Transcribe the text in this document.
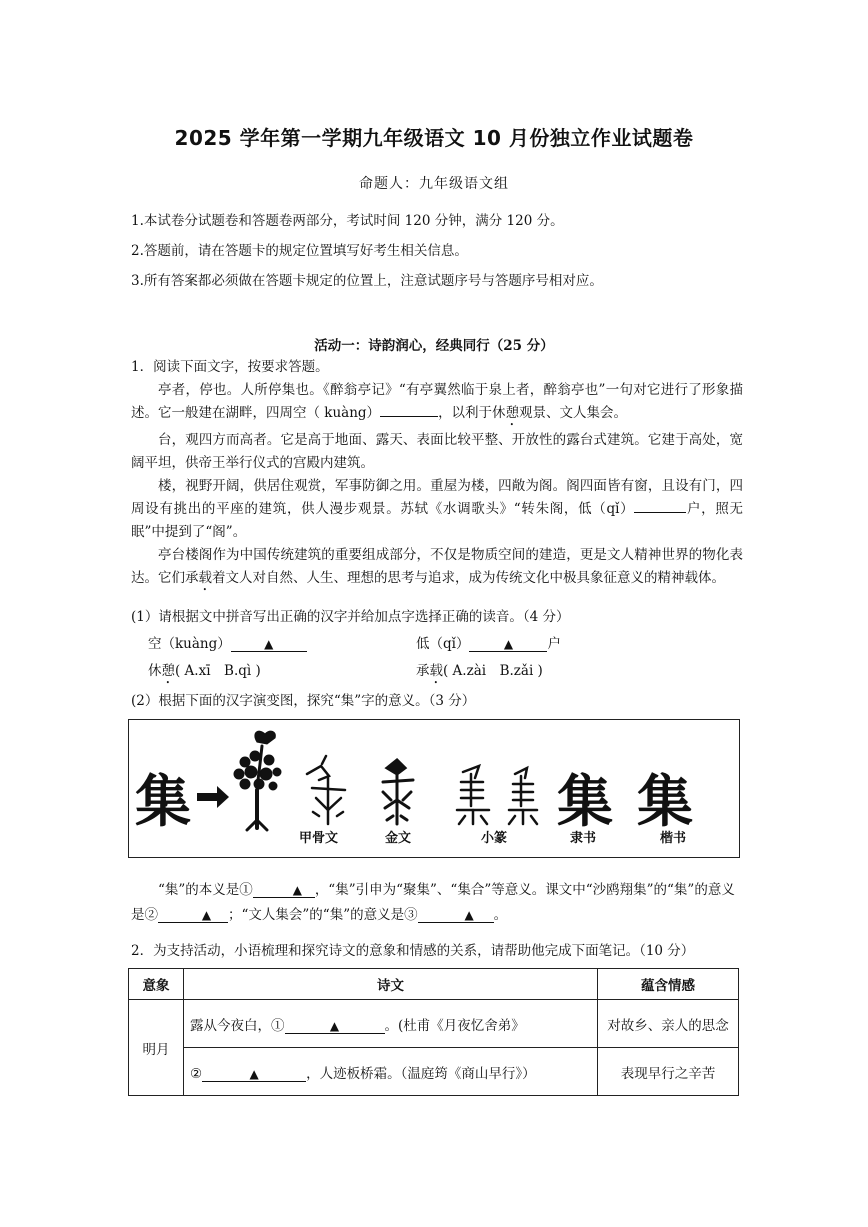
2025 学年第一学期九年级语文 10 月份独立作业试题卷
命题人：九年级语文组
1.本试卷分试题卷和答题卷两部分，考试时间 120 分钟，满分 120 分。
2.答题前，请在答题卡的规定位置填写好考生相关信息。
3.所有答案都必须做在答题卡规定的位置上，注意试题序号与答题序号相对应。
活动一：诗韵润心，经典同行（25 分）

1．阅读下面文字，按要求答题。

亭者，停也。人所停集也。《醉翁亭记》“有亭翼然临于泉上者，醉翁亭也”一句对它进行了形象描述。它一般建在湖畔，四周空（ kuàng）	，以利于休憩观景、文人集会。

台，观四方而高者。它是高于地面、露天、表面比较平整、开放性的露台式建筑。它建于高处，宽阔平坦，供帝王举行仪式的宫殿内建筑。

楼，视野开阔，供居住观赏，军事防御之用。重屋为楼，四敞为阁。阁四面皆有窗，且设有门，四周设有挑出的平座的建筑，供人漫步观景。苏轼《水调歌头》“转朱阁，低（qǐ）	户，照无眠”中提到了“阁”。

亭台楼阁作为中国传统建筑的重要组成部分，不仅是物质空间的建造，更是文人精神世界的物化表达。它们承载着文人对自然、人生、理想的思考与追求，成为传统文化中极具象征意义的精神载体。

(1）请根据文中拼音写出正确的汉字并给加点字选择正确的读音。（4 分）
空（kuàng）	▲	低（qǐ）	▲	户
休憩( A.xī　B.qì )	承载( A.zài　B.zǎi )
(2）根据下面的汉字演变图，探究“集”字的意义。（3 分）
集	集 集
甲骨文	金文	小篆	隶书	楷书

“集”的本义是①	▲ ，“集”引申为“聚集”、“集合”等意义。课文中“沙鸥翔集”的“集”的意义是②	▲ ；“文人集会”的“集”的意义是③	▲ 。

2．为支持活动，小语梳理和探究诗文的意象和情感的关系，请帮助他完成下面笔记。（10 分）
意象	诗文	蕴含情感
明月	露从今夜白，① ▲ 。(杜甫《月夜忆舍弟》	对故乡、亲人的思念
	② ▲ ，人迹板桥霜。（温庭筠《商山早行》）	表现早行之辛苦
